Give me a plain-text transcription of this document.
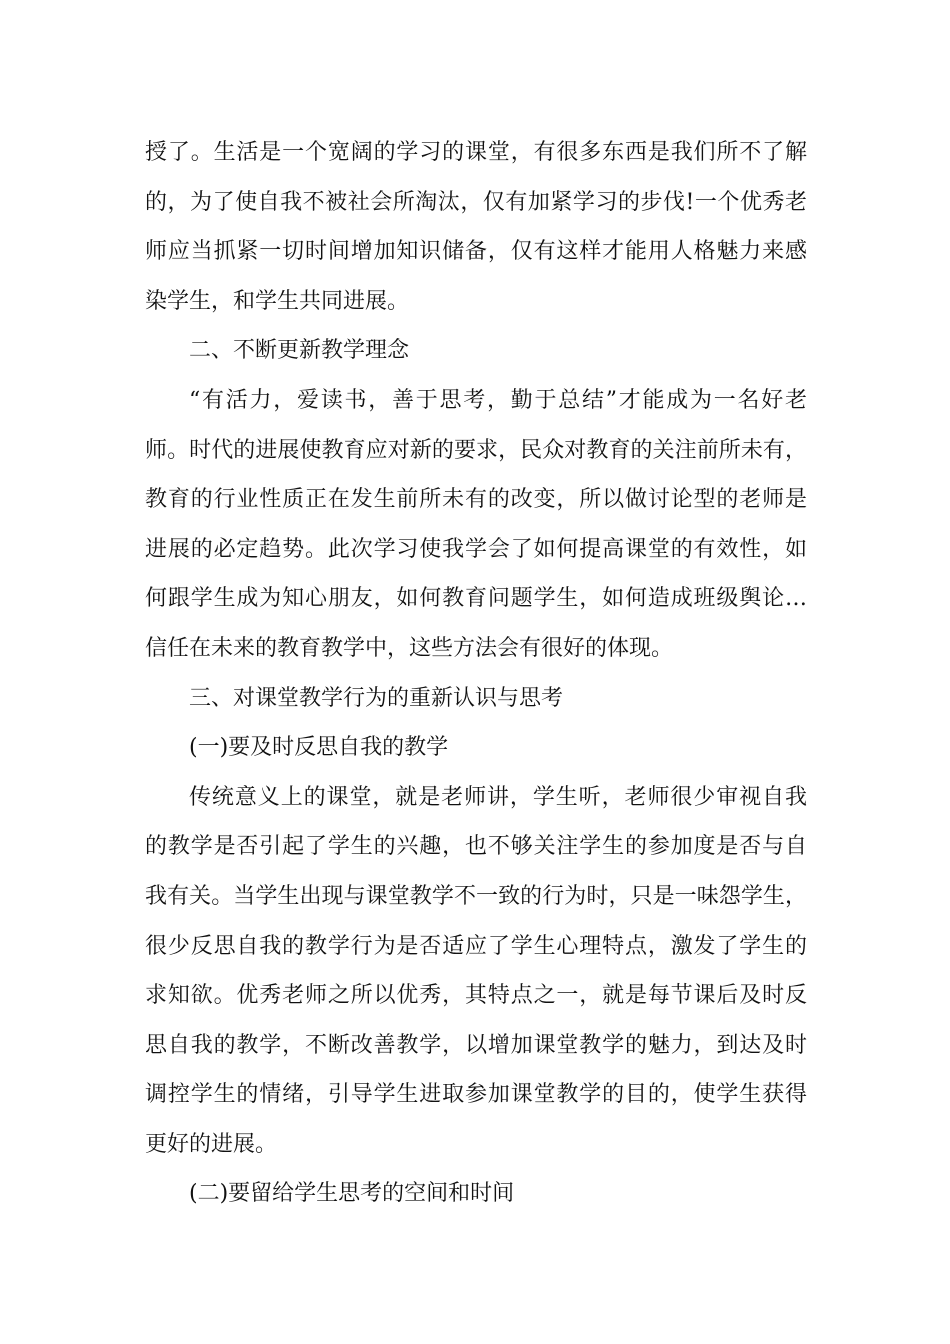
授了。生活是一个宽阔的学习的课堂，有很多东西是我们所不了解
的，为了使自我不被社会所淘汰，仅有加紧学习的步伐!一个优秀老
师应当抓紧一切时间增加知识储备，仅有这样才能用人格魅力来感
染学生，和学生共同进展。
二、不断更新教学理念
“有活力，爱读书，善于思考，勤于总结”才能成为一名好老
师。时代的进展使教育应对新的要求，民众对教育的关注前所未有，
教育的行业性质正在发生前所未有的改变，所以做讨论型的老师是
进展的必定趋势。此次学习使我学会了如何提高课堂的有效性，如
何跟学生成为知心朋友，如何教育问题学生，如何造成班级舆论…
信任在未来的教育教学中，这些方法会有很好的体现。
三、对课堂教学行为的重新认识与思考
(一)要及时反思自我的教学
传统意义上的课堂，就是老师讲，学生听，老师很少审视自我
的教学是否引起了学生的兴趣，也不够关注学生的参加度是否与自
我有关。当学生出现与课堂教学不一致的行为时，只是一味怨学生，
很少反思自我的教学行为是否适应了学生心理特点，激发了学生的
求知欲。优秀老师之所以优秀，其特点之一，就是每节课后及时反
思自我的教学，不断改善教学，以增加课堂教学的魅力，到达及时
调控学生的情绪，引导学生进取参加课堂教学的目的，使学生获得
更好的进展。
(二)要留给学生思考的空间和时间
